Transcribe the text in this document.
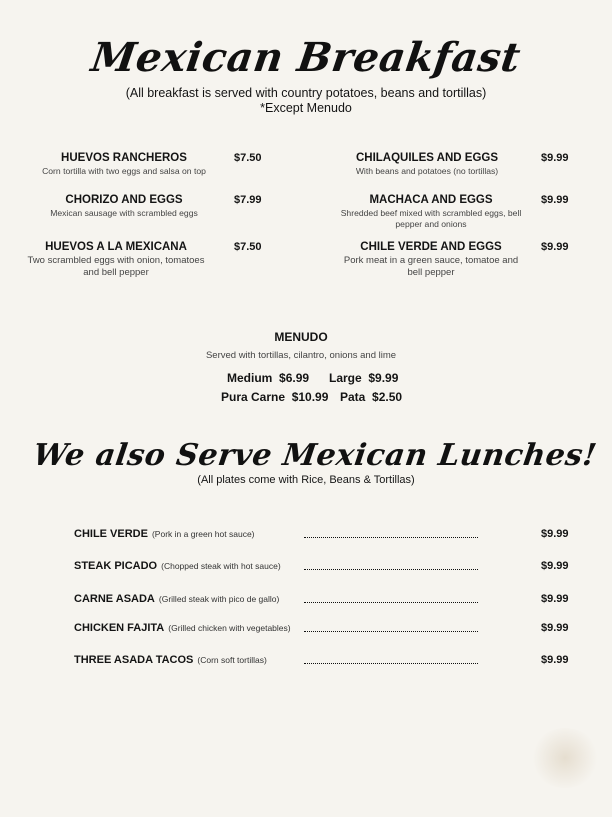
Mexican Breakfast
(All breakfast is served with country potatoes, beans and tortillas)
*Except Menudo
HUEVOS RANCHEROS
Corn tortilla with two eggs and salsa on top
$7.50
CHORIZO AND EGGS
Mexican sausage with scrambled eggs
$7.99
HUEVOS A LA MEXICANA
Two scrambled eggs with onion, tomatoes and bell pepper
$7.50
CHILAQUILES AND EGGS
With beans and potatoes (no tortillas)
$9.99
MACHACA AND EGGS
Shredded beef mixed with scrambled eggs, bell pepper and onions
$9.99
CHILE VERDE AND EGGS
Pork meat in a green sauce, tomatoe and bell pepper
$9.99
MENUDO
Served with tortillas, cilantro, onions and lime
Medium $6.99 Large $9.99
Pura Carne $10.99 Pata $2.50
We also Serve Mexican Lunches!
(All plates come with Rice, Beans & Tortillas)
CHILE VERDE (Pork in a green hot sauce)	$9.99
STEAK PICADO (Chopped steak with hot sauce)	$9.99
CARNE ASADA (Grilled steak with pico de gallo)	$9.99
CHICKEN FAJITA (Grilled chicken with vegetables)	$9.99
THREE ASADA TACOS (Corn soft tortillas)	$9.99
